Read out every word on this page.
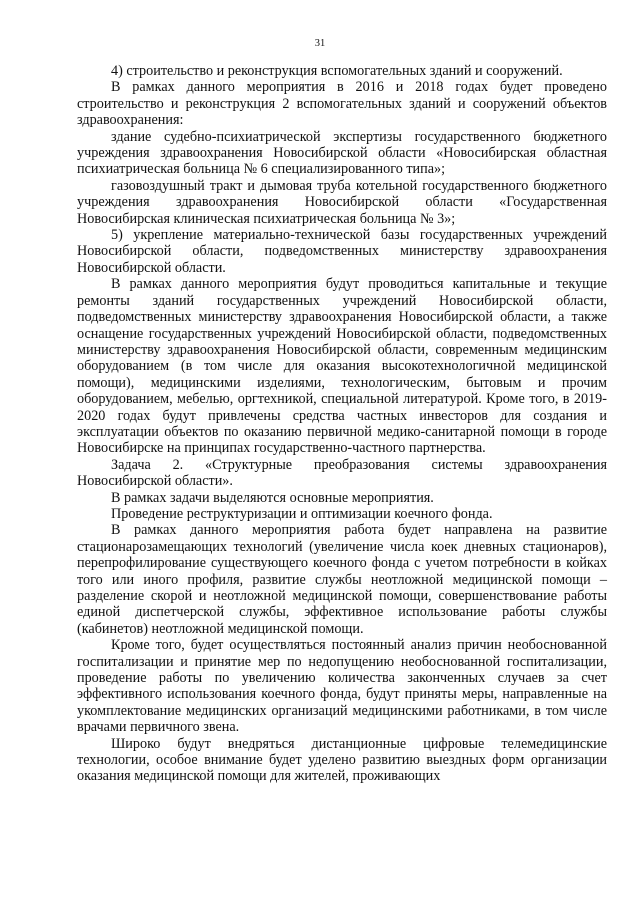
31

4) строительство и реконструкция вспомогательных зданий и сооружений.

В рамках данного мероприятия в 2016 и 2018 годах будет проведено строительство и реконструкция 2 вспомогательных зданий и сооружений объектов здравоохранения:

здание судебно-психиатрической экспертизы государственного бюджетного учреждения здравоохранения Новосибирской области «Новосибирская областная психиатрическая больница № 6 специализированного типа»;

газовоздушный тракт и дымовая труба котельной государственного бюджетного учреждения здравоохранения Новосибирской области «Государственная Новосибирская клиническая психиатрическая больница № 3»;

5) укрепление материально-технической базы государственных учреждений Новосибирской области, подведомственных министерству здравоохранения Новосибирской области.

В рамках данного мероприятия будут проводиться капитальные и текущие ремонты зданий государственных учреждений Новосибирской области, подведомственных министерству здравоохранения Новосибирской области, а также оснащение государственных учреждений Новосибирской области, подведомственных министерству здравоохранения Новосибирской области, современным медицинским оборудованием (в том числе для оказания высокотехнологичной медицинской помощи), медицинскими изделиями, технологическим, бытовым и прочим оборудованием, мебелью, оргтехникой, специальной литературой. Кроме того, в 2019-2020 годах будут привлечены средства частных инвесторов для создания и эксплуатации объектов по оказанию первичной медико-санитарной помощи в городе Новосибирске на принципах государственно-частного партнерства.

Задача 2. «Структурные преобразования системы здравоохранения Новосибирской области».

В рамках задачи выделяются основные мероприятия.

Проведение реструктуризации и оптимизации коечного фонда.

В рамках данного мероприятия работа будет направлена на развитие стационарозамещающих технологий (увеличение числа коек дневных стационаров), перепрофилирование существующего коечного фонда с учетом потребности в койках того или иного профиля, развитие службы неотложной медицинской помощи – разделение скорой и неотложной медицинской помощи, совершенствование работы единой диспетчерской службы, эффективное использование работы службы (кабинетов) неотложной медицинской помощи.

Кроме того, будет осуществляться постоянный анализ причин необоснованной госпитализации и принятие мер по недопущению необоснованной госпитализации, проведение работы по увеличению количества законченных случаев за счет эффективного использования коечного фонда, будут приняты меры, направленные на укомплектование медицинских организаций медицинскими работниками, в том числе врачами первичного звена.

Широко будут внедряться дистанционные цифровые телемедицинские технологии, особое внимание будет уделено развитию выездных форм организации оказания медицинской помощи для жителей, проживающих
